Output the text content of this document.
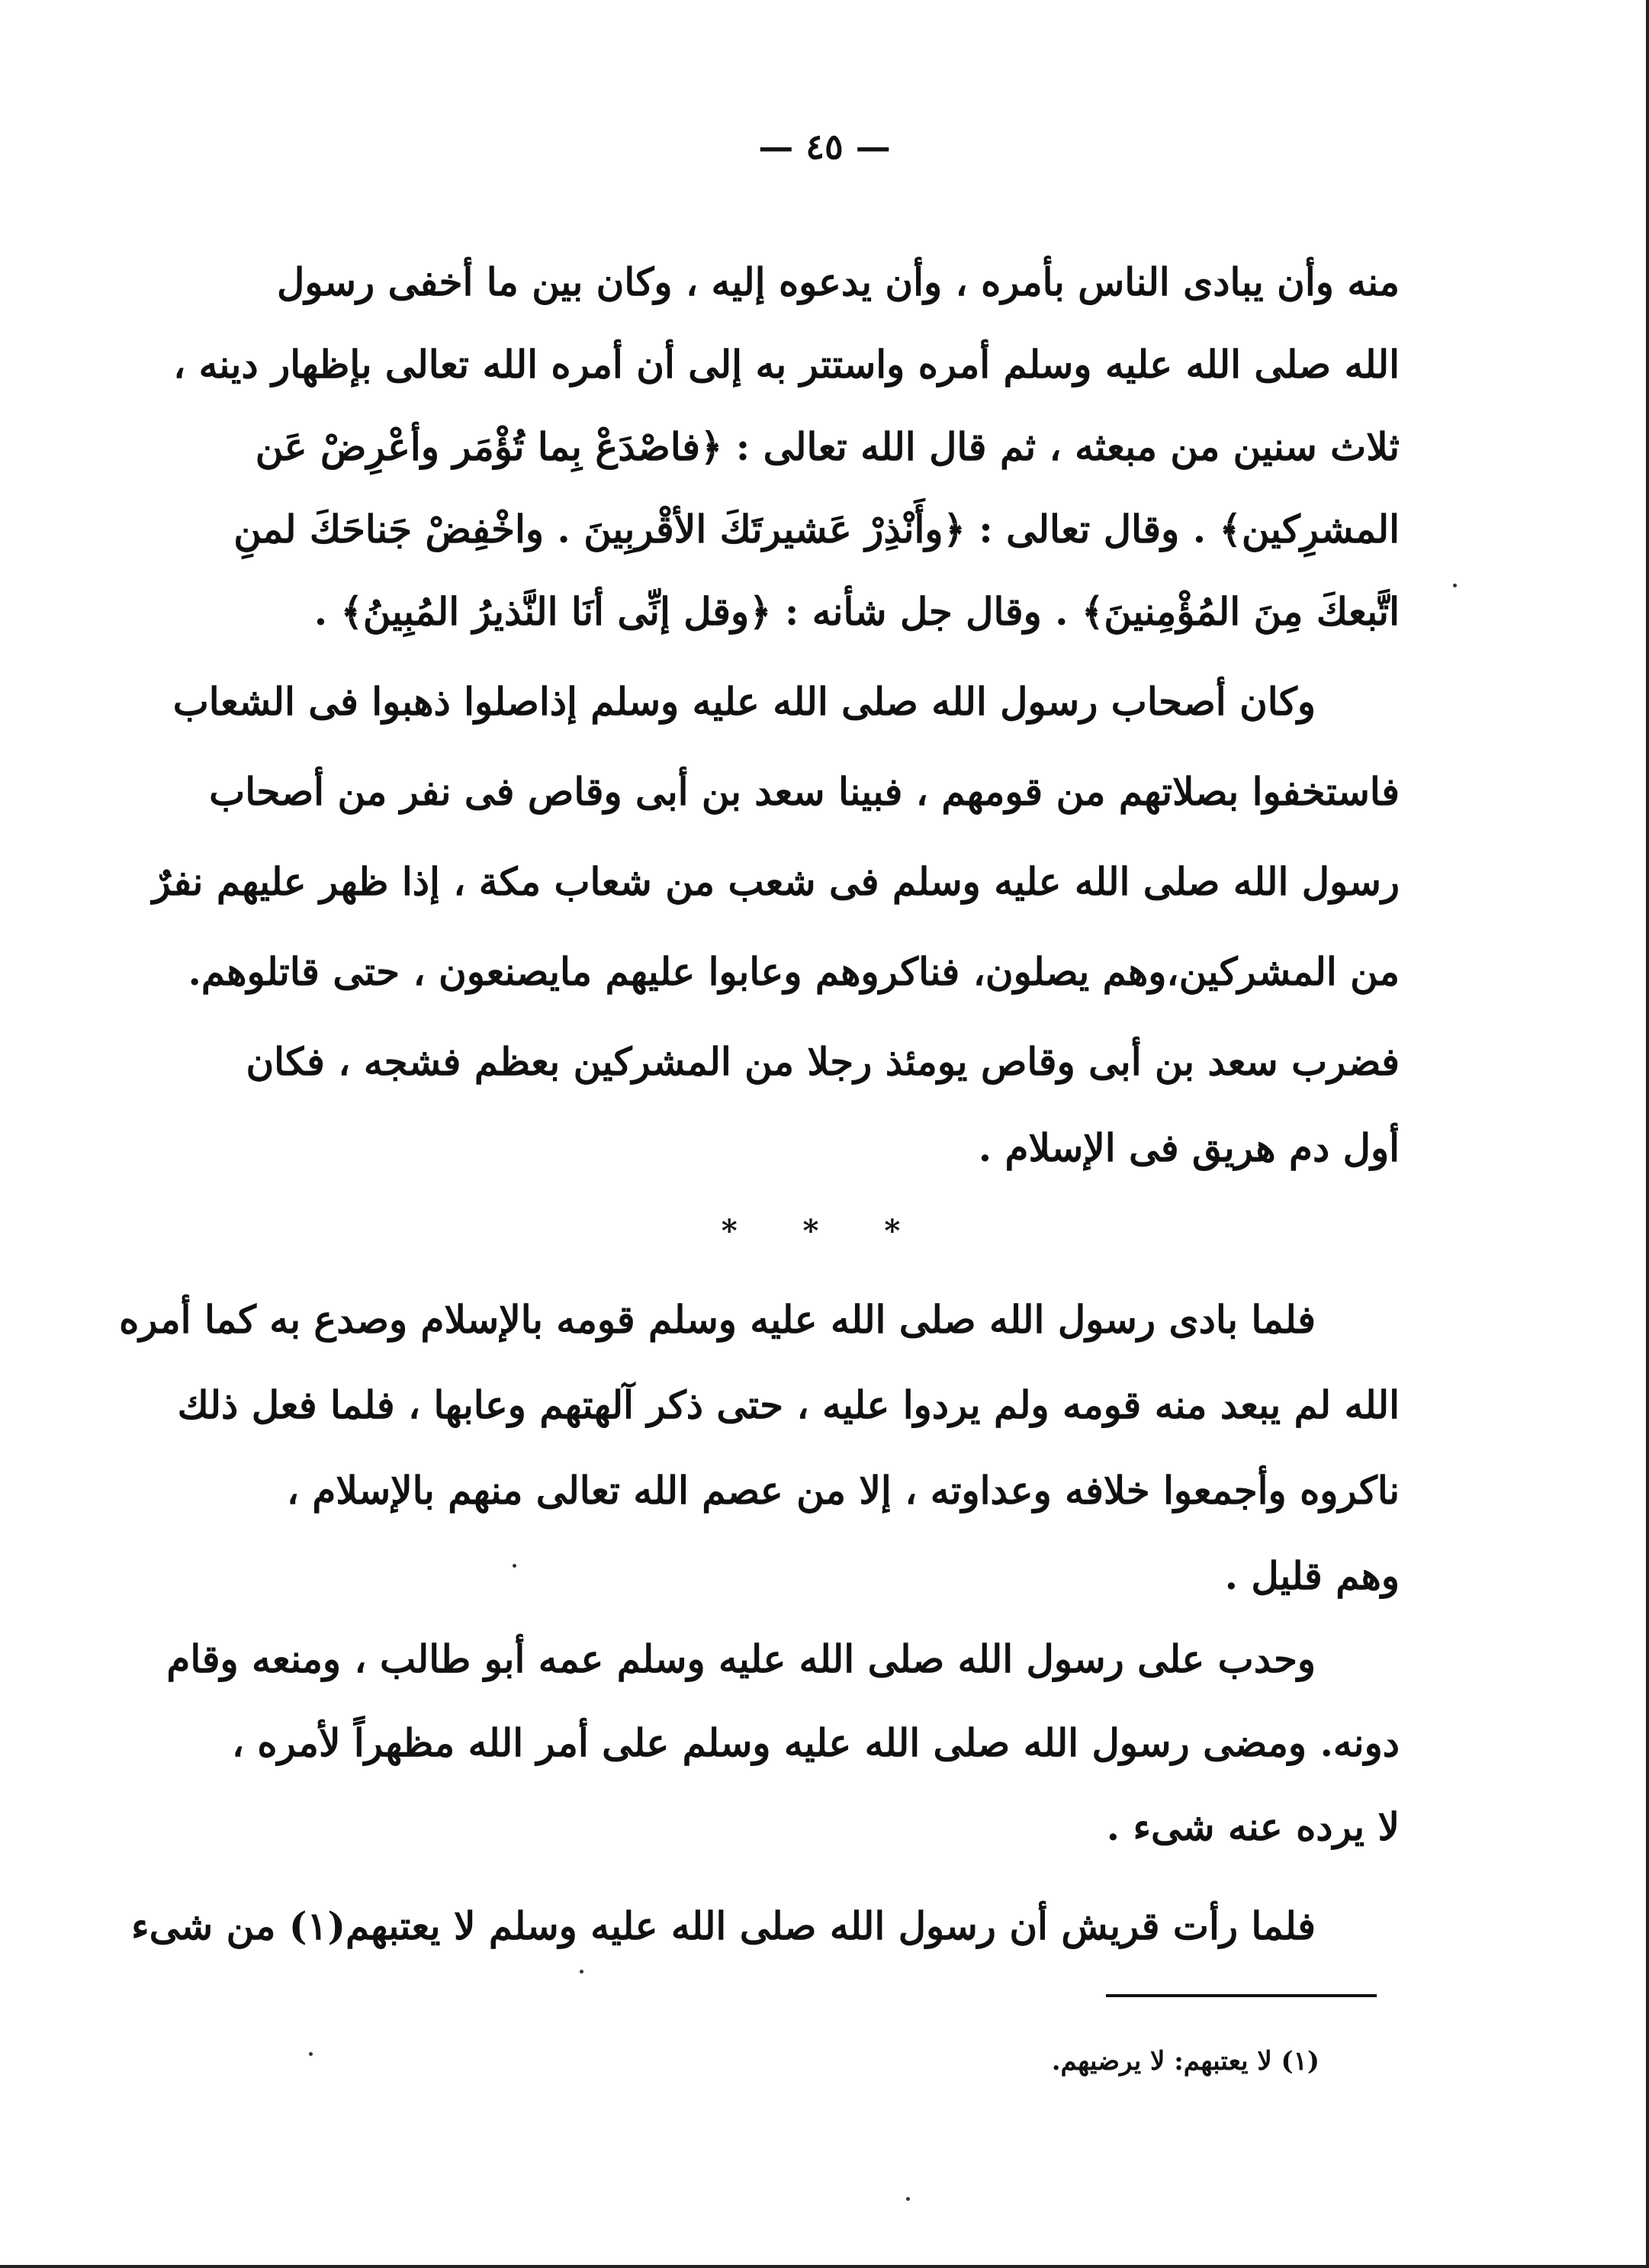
— ٤٥ —
منه وأن يبادى الناس بأمره ، وأن يدعوه إليه ، وكان بين ما أخفى رسول
الله صلى الله عليه وسلم أمره واستتر به إلى أن أمره الله تعالى بإظهار دينه ،
ثلاث سنين من مبعثه ، ثم قال الله تعالى : ﴿فاصْدَعْ بِما تُؤْمَر وأعْرِضْ عَن
المشرِكين﴾ . وقال تعالى : ﴿وأَنْذِرْ عَشيرتَكَ الأقْربِينَ . واخْفِضْ جَناحَكَ لمنِ
اتَّبعكَ مِنَ المُؤْمِنينَ﴾ . وقال جل شأنه : ﴿وقل إنِّى أنَا النَّذيرُ المُبِينُ﴾ .
وكان أصحاب رسول الله صلى الله عليه وسلم إذاصلوا ذهبوا فى الشعاب
فاستخفوا بصلاتهم من قومهم ، فبينا سعد بن أبى وقاص فى نفر من أصحاب
رسول الله صلى الله عليه وسلم فى شعب من شعاب مكة ، إذا ظهر عليهم نفرٌ
من المشركين،وهم يصلون، فناكروهم وعابوا عليهم مايصنعون ، حتى قاتلوهم.
فضرب سعد بن أبى وقاص يومئذ رجلا من المشركين بعظم فشجه ، فكان
أول دم هريق فى الإسلام .
* * *
فلما بادى رسول الله صلى الله عليه وسلم قومه بالإسلام وصدع به كما أمره
الله لم يبعد منه قومه ولم يردوا عليه ، حتى ذكر آلهتهم وعابها ، فلما فعل ذلك
ناكروه وأجمعوا خلافه وعداوته ، إلا من عصم الله تعالى منهم بالإسلام ،
وهم قليل .
وحدب على رسول الله صلى الله عليه وسلم عمه أبو طالب ، ومنعه وقام
دونه. ومضى رسول الله صلى الله عليه وسلم على أمر الله مظهراً لأمره ،
لا يرده عنه شىء .
فلما رأت قريش أن رسول الله صلى الله عليه وسلم لا يعتبهم(١) من شىء
(١) لا يعتبهم: لا يرضيهم.
